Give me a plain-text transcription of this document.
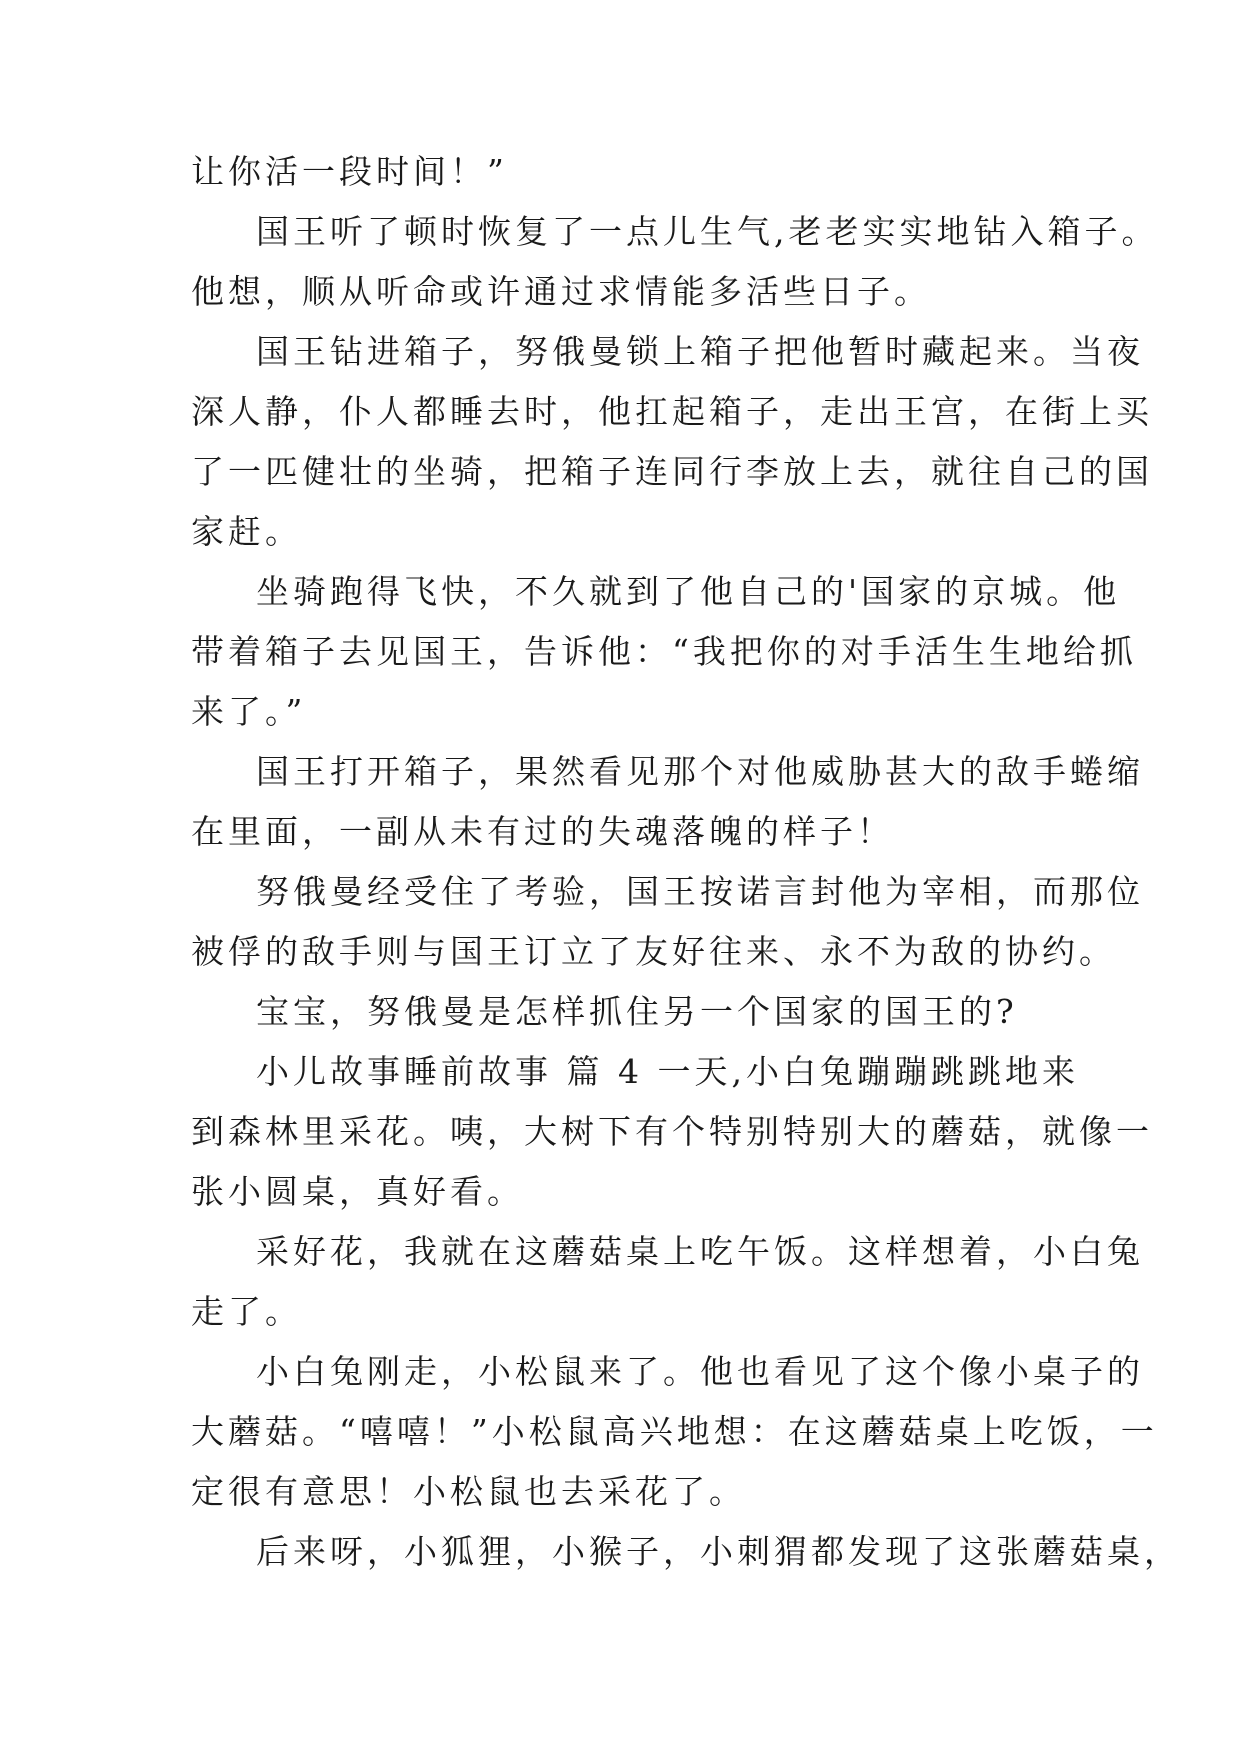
让你活一段时间！”
国王听了顿时恢复了一点儿生气,老老实实地钻入箱子。
他想，顺从听命或许通过求情能多活些日子。
国王钻进箱子，努俄曼锁上箱子把他暂时藏起来。当夜
深人静，仆人都睡去时，他扛起箱子，走出王宫，在街上买
了一匹健壮的坐骑，把箱子连同行李放上去，就往自己的国
家赶。
坐骑跑得飞快，不久就到了他自己的'国家的京城。他
带着箱子去见国王，告诉他：“我把你的对手活生生地给抓
来了。”
国王打开箱子，果然看见那个对他威胁甚大的敌手蜷缩
在里面，一副从未有过的失魂落魄的样子！
努俄曼经受住了考验，国王按诺言封他为宰相，而那位
被俘的敌手则与国王订立了友好往来、永不为敌的协约。
宝宝，努俄曼是怎样抓住另一个国家的国王的?
小儿故事睡前故事 篇 4 一天,小白兔蹦蹦跳跳地来
到森林里采花。咦，大树下有个特别特别大的蘑菇，就像一
张小圆桌，真好看。
采好花，我就在这蘑菇桌上吃午饭。这样想着，小白兔
走了。
小白兔刚走，小松鼠来了。他也看见了这个像小桌子的
大蘑菇。“嘻嘻！”小松鼠高兴地想：在这蘑菇桌上吃饭，一
定很有意思！小松鼠也去采花了。
后来呀，小狐狸，小猴子，小刺猬都发现了这张蘑菇桌，
